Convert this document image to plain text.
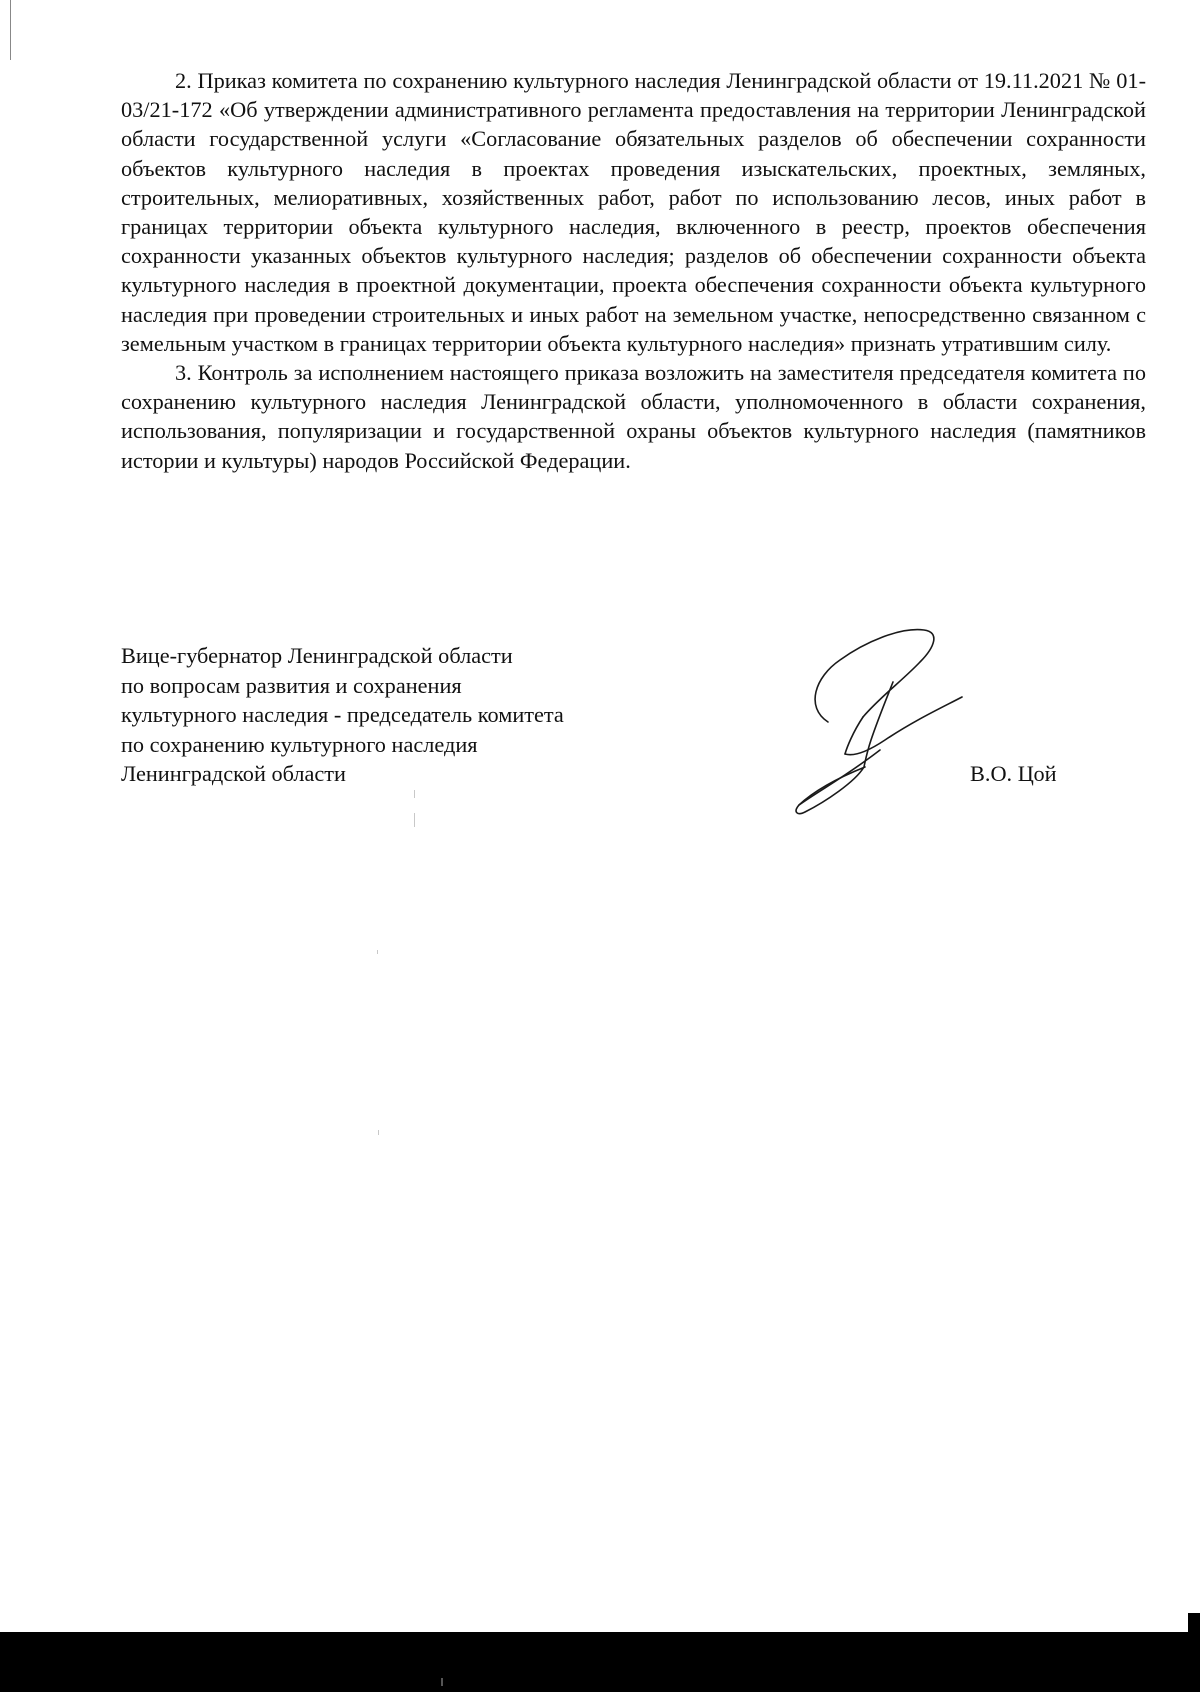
2. Приказ комитета по сохранению культурного наследия Ленинградской области от 19.11.2021 № 01-03/21-172 «Об утверждении административного регламента предоставления на территории Ленинградской области государственной услуги «Согласование обязательных разделов об обеспечении сохранности объектов культурного наследия в проектах проведения изыскательских, проектных, земляных, строительных, мелиоративных, хозяйственных работ, работ по использованию лесов, иных работ в границах территории объекта культурного наследия, включенного в реестр, проектов обеспечения сохранности указанных объектов культурного наследия; разделов об обеспечении сохранности объекта культурного наследия в проектной документации, проекта обеспечения сохранности объекта культурного наследия при проведении строительных и иных работ на земельном участке, непосредственно связанном с земельным участком в границах территории объекта культурного наследия» признать утратившим силу.

3. Контроль за исполнением настоящего приказа возложить на заместителя председателя комитета по сохранению культурного наследия Ленинградской области, уполномоченного в области сохранения, использования, популяризации и государственной охраны объектов культурного наследия (памятников истории и культуры) народов Российской Федерации.

Вице-губернатор Ленинградской области
по вопросам развития и сохранения
культурного наследия - председатель комитета
по сохранению культурного наследия
Ленинградской области	В.О. Цой
